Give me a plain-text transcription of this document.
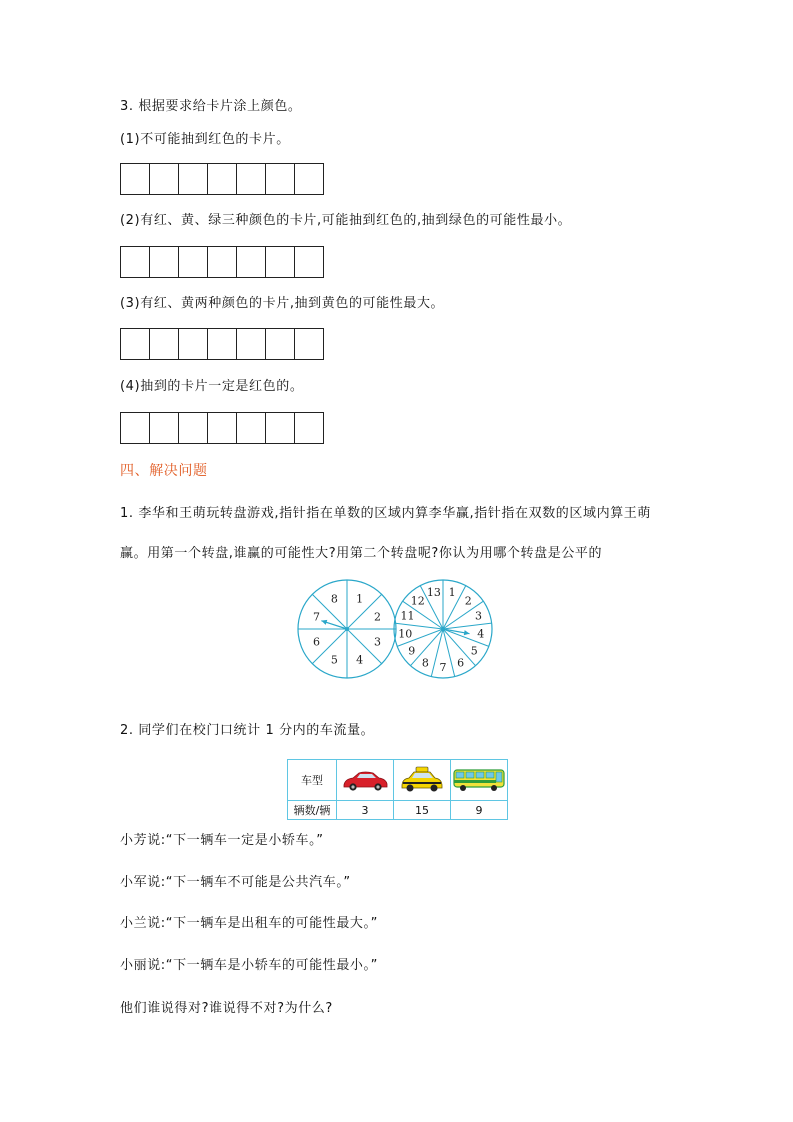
3. 根据要求给卡片涂上颜色。
(1)不可能抽到红色的卡片。
(2)有红、黄、绿三种颜色的卡片,可能抽到红色的,抽到绿色的可能性最小。
(3)有红、黄两种颜色的卡片,抽到黄色的可能性最大。
(4)抽到的卡片一定是红色的。
四、解决问题
1. 李华和王萌玩转盘游戏,指针指在单数的区域内算李华赢,指针指在双数的区域内算王萌
赢。用第一个转盘,谁赢的可能性大?用第二个转盘呢?你认为用哪个转盘是公平的
1
2
3
4
5
6
7
8	1
2
3
4
5
6
7
8
9
10
11
12
13
2. 同学们在校门口统计 1 分内的车流量。
车型	

辆数/辆	3	15	9
小芳说:“下一辆车一定是小轿车。”
小军说:“下一辆车不可能是公共汽车。”
小兰说:“下一辆车是出租车的可能性最大。”
小丽说:“下一辆车是小轿车的可能性最小。”
他们谁说得对?谁说得不对?为什么?
